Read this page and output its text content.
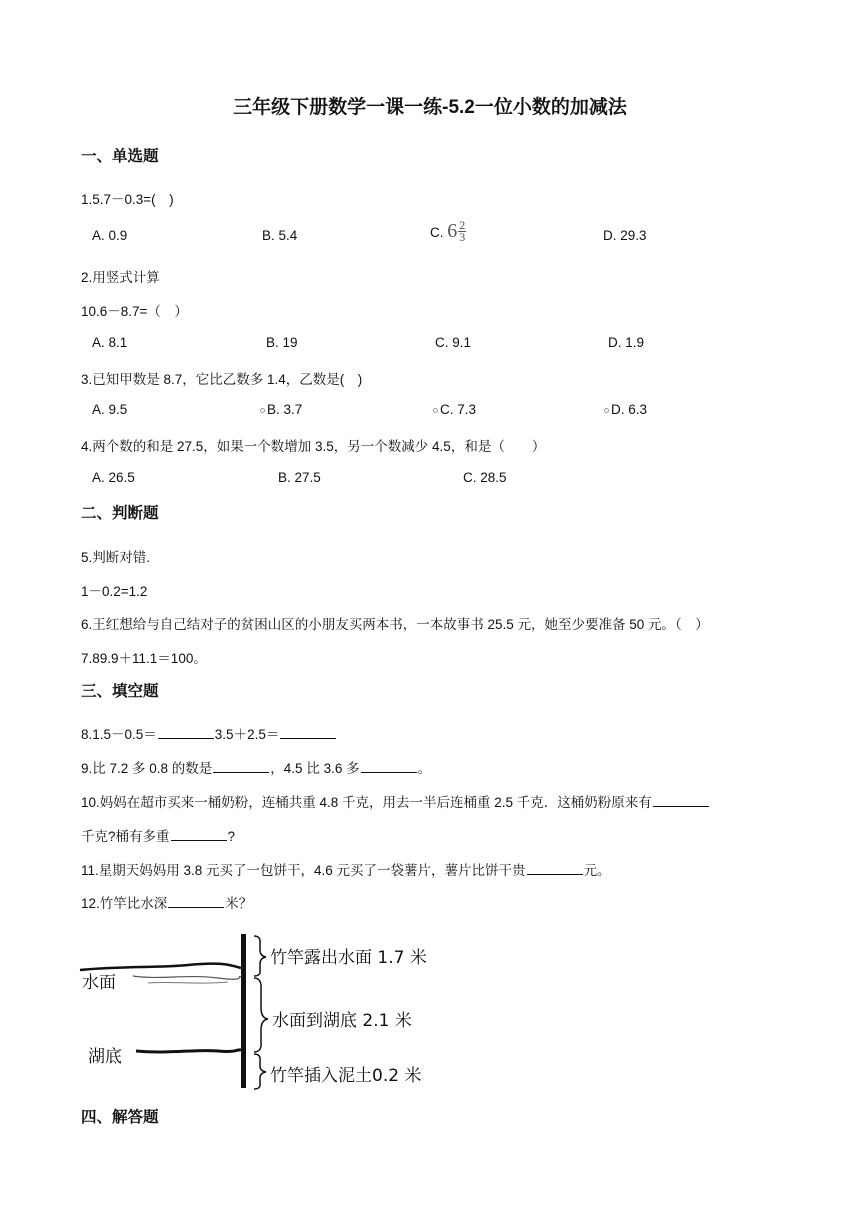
三年级下册数学一课一练-5.2一位小数的加减法
一、单选题
1.5.7－0.3=(　)
A. 0.9	B. 5.4	C. 6 2
3	D. 29.3
2.用竖式计算
10.6－8.7=（　）
A. 8.1	B. 19	C. 9.1	D. 1.9
3.已知甲数是 8.7，它比乙数多 1.4，乙数是(　)
A. 9.5	B. 3.7	C. 7.3	D. 6.3
4.两个数的和是 27.5，如果一个数增加 3.5，另一个数减少 4.5，和是（　　）
A. 26.5	B. 27.5	C. 28.5
二、判断题
5.判断对错.
1－0.2=1.2
6.王红想给与自己结对子的贫困山区的小朋友买两本书，一本故事书 25.5 元，她至少要准备 50 元。（　）
7.89.9＋11.1＝100。
三、填空题
8.1.5－0.5＝	3.5＋2.5＝
9.比 7.2 多 0.8 的数是	，4.5 比 3.6 多	。
10.妈妈在超市买来一桶奶粉，连桶共重 4.8 千克，用去一半后连桶重 2.5 千克．这桶奶粉原来有
千克?桶有多重	?
11.星期天妈妈用 3.8 元买了一包饼干，4.6 元买了一袋薯片，薯片比饼干贵	元。
12.竹竿比水深	米？
水面
湖底
竹竿露出水面 1.7 米
水面到湖底 2.1 米
竹竿插入泥土0.2 米
四、解答题
